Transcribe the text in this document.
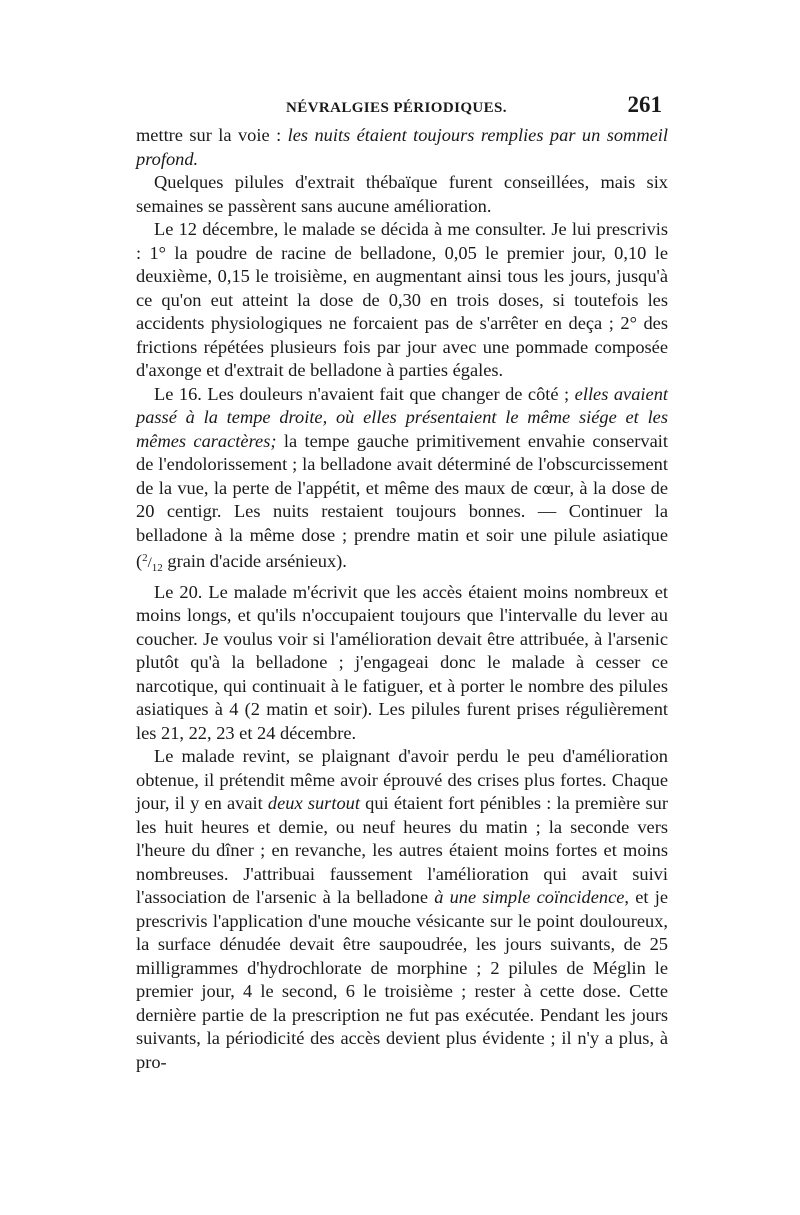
NÉVRALGIES PÉRIODIQUES.	261

mettre sur la voie : les nuits étaient toujours remplies par un sommeil profond.

Quelques pilules d'extrait thébaïque furent conseillées, mais six semaines se passèrent sans aucune amélioration.

Le 12 décembre, le malade se décida à me consulter. Je lui prescrivis : 1° la poudre de racine de belladone, 0,05 le premier jour, 0,10 le deuxième, 0,15 le troisième, en augmentant ainsi tous les jours, jusqu'à ce qu'on eut atteint la dose de 0,30 en trois doses, si toutefois les accidents physiologiques ne forcaient pas de s'arrêter en deça ; 2° des frictions répétées plusieurs fois par jour avec une pommade composée d'axonge et d'extrait de belladone à parties égales.

Le 16. Les douleurs n'avaient fait que changer de côté ; elles avaient passé à la tempe droite, où elles présentaient le même siége et les mêmes caractères; la tempe gauche primitivement envahie conservait de l'endolorissement ; la belladone avait déterminé de l'obscurcissement de la vue, la perte de l'appétit, et même des maux de cœur, à la dose de 20 centigr. Les nuits restaient toujours bonnes. — Continuer la belladone à la même dose ; prendre matin et soir une pilule asiatique ($^2/_{12}$ grain d'acide arsénieux).

Le 20. Le malade m'écrivit que les accès étaient moins nombreux et moins longs, et qu'ils n'occupaient toujours que l'intervalle du lever au coucher. Je voulus voir si l'amélioration devait être attribuée, à l'arsenic plutôt qu'à la belladone ; j'engageai donc le malade à cesser ce narcotique, qui continuait à le fatiguer, et à porter le nombre des pilules asiatiques à 4 (2 matin et soir). Les pilules furent prises régulièrement les 21, 22, 23 et 24 décembre.

Le malade revint, se plaignant d'avoir perdu le peu d'amélioration obtenue, il prétendit même avoir éprouvé des crises plus fortes. Chaque jour, il y en avait deux surtout qui étaient fort pénibles : la première sur les huit heures et demie, ou neuf heures du matin ; la seconde vers l'heure du dîner ; en revanche, les autres étaient moins fortes et moins nombreuses. J'attribuai faussement l'amélioration qui avait suivi l'association de l'arsenic à la belladone à une simple coïncidence, et je prescrivis l'application d'une mouche vésicante sur le point douloureux, la surface dénudée devait être saupoudrée, les jours suivants, de 25 milligrammes d'hydrochlorate de morphine ; 2 pilules de Méglin le premier jour, 4 le second, 6 le troisième ; rester à cette dose. Cette dernière partie de la prescription ne fut pas exécutée. Pendant les jours suivants, la périodicité des accès devient plus évidente ; il n'y a plus, à pro-
